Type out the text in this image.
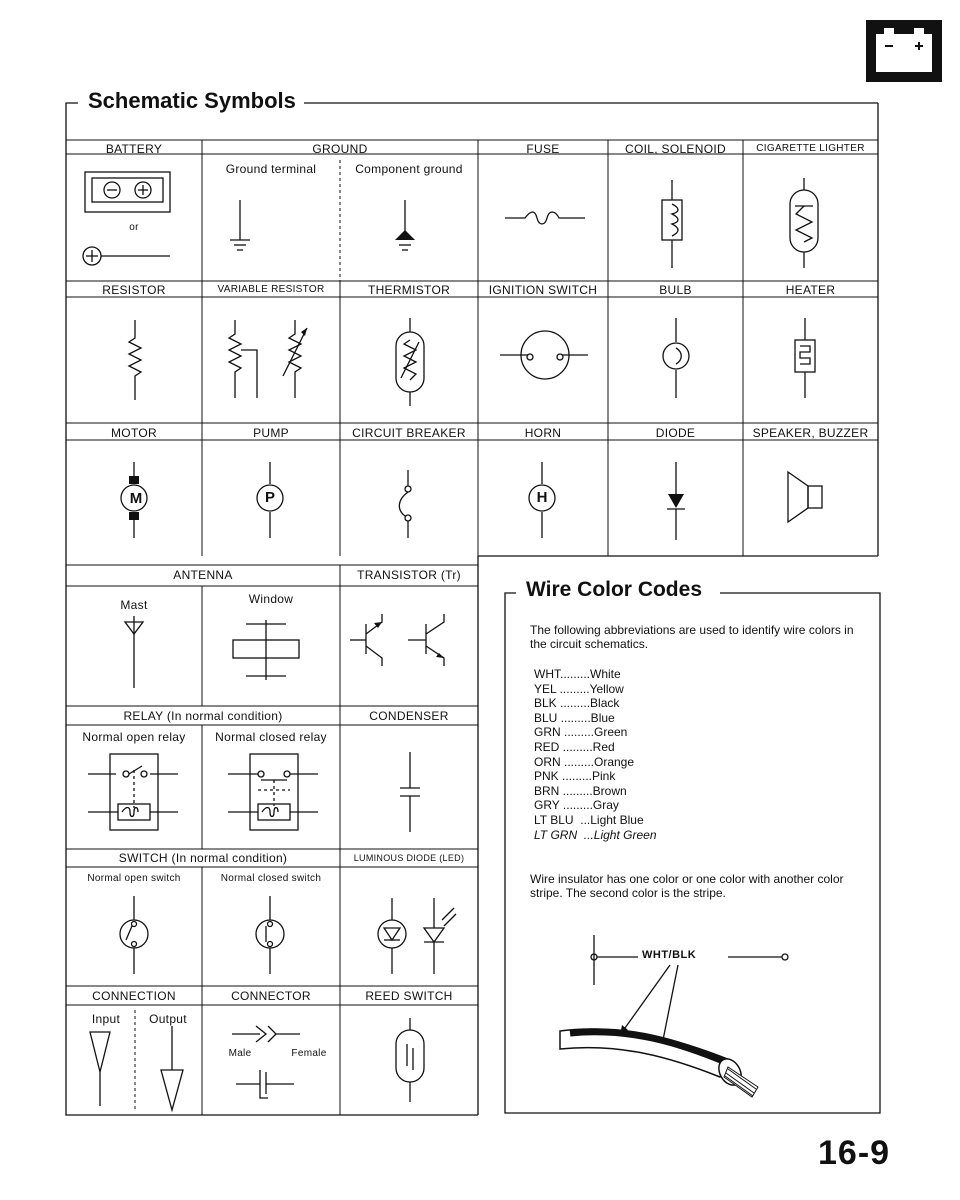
Schematic Symbols
BATTERY	GROUND	FUSE	COIL, SOLENOID	CIGARETTE LIGHTER
Ground terminal	Component ground
or
RESISTOR	VARIABLE RESISTOR	THERMISTOR	IGNITION SWITCH	BULB	HEATER
MOTOR	PUMP	CIRCUIT BREAKER	HORN	DIODE	SPEAKER, BUZZER
M	P	H
ANTENNA	TRANSISTOR (Tr)
Mast	Window
RELAY (In normal condition)	CONDENSER
Normal open relay	Normal closed relay
SWITCH (In normal condition)	LUMINOUS DIODE (LED)
Normal open switch	Normal closed switch
CONNECTION	CONNECTOR	REED SWITCH
Input	Output
Male	Female
Wire Color Codes
The following abbreviations are used to identify wire colors in the circuit schematics.
WHT.........White
YEL .........Yellow
BLK .........Black
BLU .........Blue
GRN .........Green
RED .........Red
ORN .........Orange
PNK .........Pink
BRN .........Brown
GRY .........Gray
LT BLU  ...Light Blue
LT GRN  ...Light Green
Wire insulator has one color or one color with another color stripe. The second color is the stripe.
WHT/BLK
16-9
